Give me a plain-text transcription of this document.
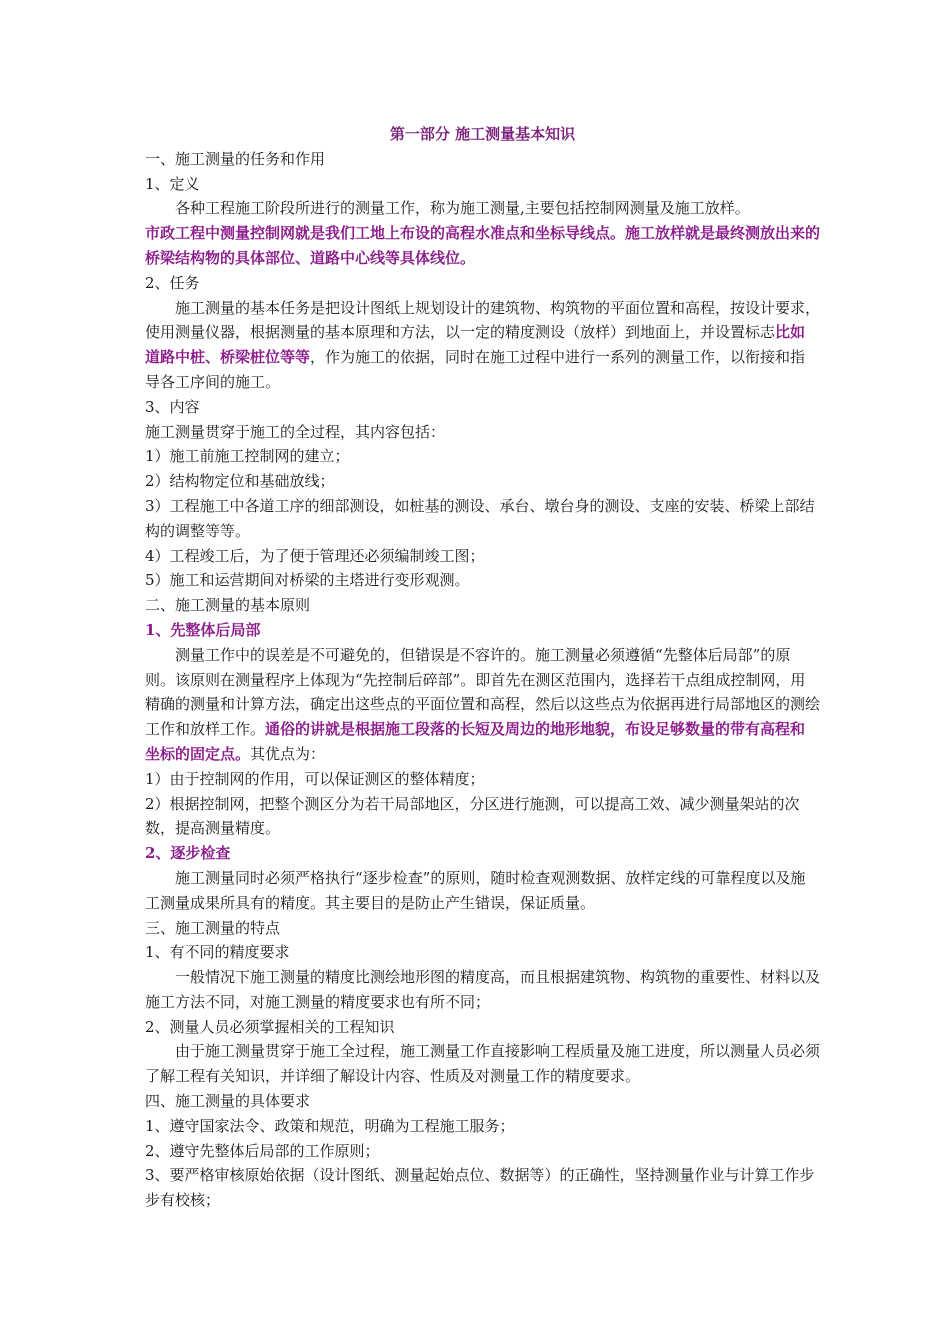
第一部分 施工测量基本知识

一、施工测量的任务和作用

1、定义

各种工程施工阶段所进行的测量工作，称为施工测量,主要包括控制网测量及施工放样。

市政工程中测量控制网就是我们工地上布设的高程水准点和坐标导线点。施工放样就是最终测放出来的桥梁结构物的具体部位、道路中心线等具体线位。

2、任务

施工测量的基本任务是把设计图纸上规划设计的建筑物、构筑物的平面位置和高程，按设计要求，使用测量仪器，根据测量的基本原理和方法，以一定的精度测设（放样）到地面上，并设置标志比如道路中桩、桥梁桩位等等，作为施工的依据，同时在施工过程中进行一系列的测量工作，以衔接和指导各工序间的施工。

3、内容

施工测量贯穿于施工的全过程，其内容包括：

1）施工前施工控制网的建立；

2）结构物定位和基础放线；

3）工程施工中各道工序的细部测设，如桩基的测设、承台、墩台身的测设、支座的安装、桥梁上部结构的调整等等。

4）工程竣工后，为了便于管理还必须编制竣工图；

5）施工和运营期间对桥梁的主塔进行变形观测。

二、施工测量的基本原则

1、先整体后局部

测量工作中的误差是不可避免的，但错误是不容许的。施工测量必须遵循“先整体后局部”的原则。该原则在测量程序上体现为“先控制后碎部”。即首先在测区范围内，选择若干点组成控制网，用精确的测量和计算方法，确定出这些点的平面位置和高程，然后以这些点为依据再进行局部地区的测绘工作和放样工作。通俗的讲就是根据施工段落的长短及周边的地形地貌，布设足够数量的带有高程和坐标的固定点。其优点为：

1）由于控制网的作用，可以保证测区的整体精度；

2）根据控制网，把整个测区分为若干局部地区，分区进行施测，可以提高工效、减少测量架站的次数，提高测量精度。

2、逐步检查

施工测量同时必须严格执行“逐步检查”的原则，随时检查观测数据、放样定线的可靠程度以及施工测量成果所具有的精度。其主要目的是防止产生错误，保证质量。

三、施工测量的特点

1、有不同的精度要求

一般情况下施工测量的精度比测绘地形图的精度高，而且根据建筑物、构筑物的重要性、材料以及施工方法不同，对施工测量的精度要求也有所不同；

2、测量人员必须掌握相关的工程知识

由于施工测量贯穿于施工全过程，施工测量工作直接影响工程质量及施工进度，所以测量人员必须了解工程有关知识，并详细了解设计内容、性质及对测量工作的精度要求。

四、施工测量的具体要求

1、遵守国家法令、政策和规范，明确为工程施工服务；

2、遵守先整体后局部的工作原则；

3、要严格审核原始依据（设计图纸、测量起始点位、数据等）的正确性，坚持测量作业与计算工作步步有校核；
